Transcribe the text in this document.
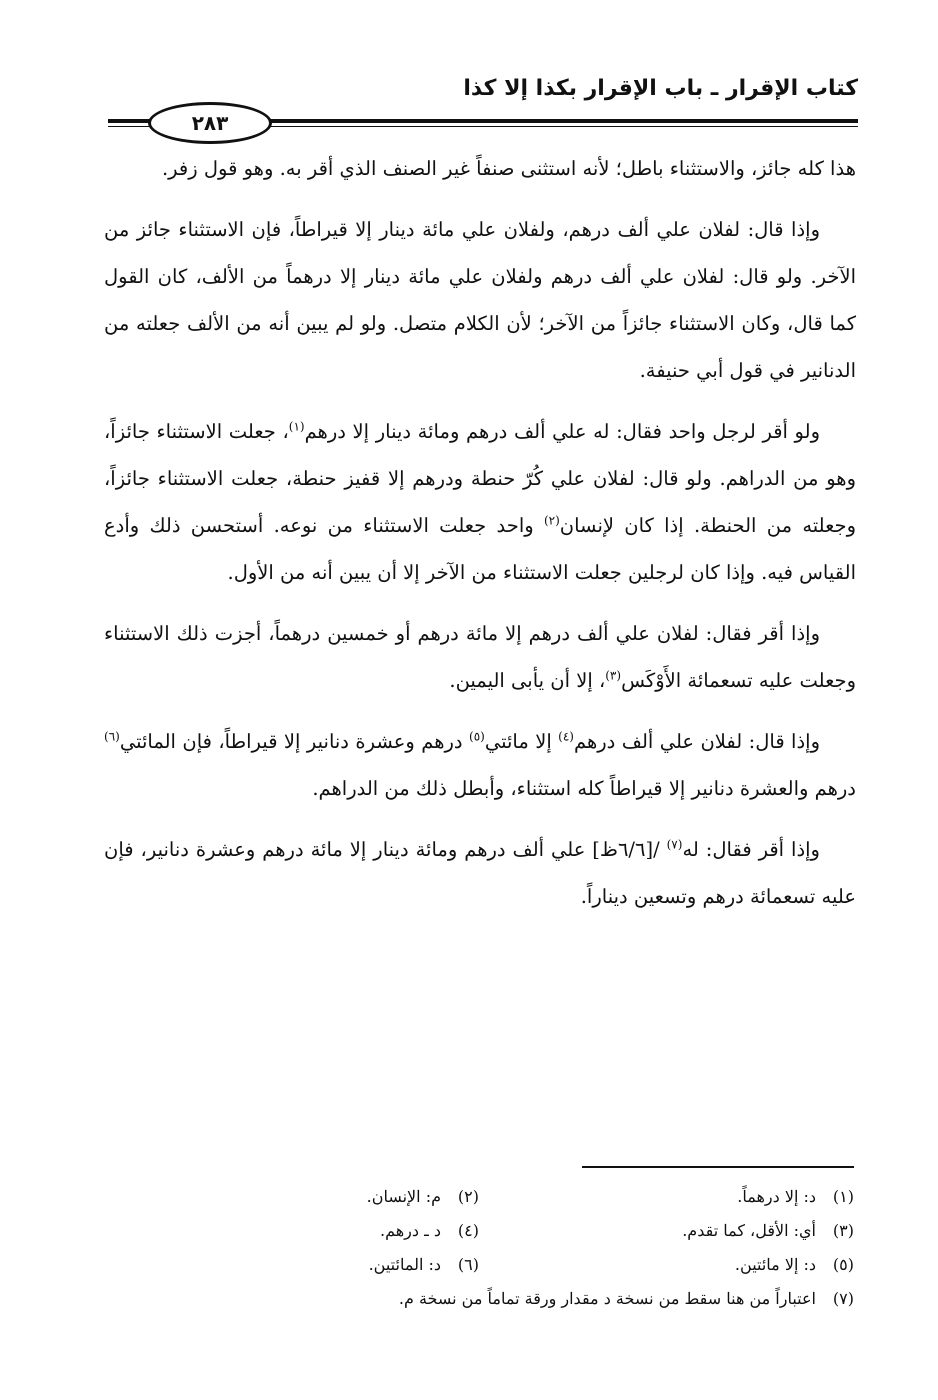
كتاب الإقرار ـ باب الإقرار بكذا إلا كذا
٢٨٣

هذا كله جائز، والاستثناء باطل؛ لأنه استثنى صنفاً غير الصنف الذي أقر به. وهو قول زفر.

وإذا قال: لفلان علي ألف درهم، ولفلان علي مائة دينار إلا قيراطاً، فإن الاستثناء جائز من الآخر. ولو قال: لفلان علي ألف درهم ولفلان علي مائة دينار إلا درهماً من الألف، كان القول كما قال، وكان الاستثناء جائزاً من الآخر؛ لأن الكلام متصل. ولو لم يبين أنه من الألف جعلته من الدنانير في قول أبي حنيفة.

ولو أقر لرجل واحد فقال: له علي ألف درهم ومائة دينار إلا درهم$^{(١)}$، جعلت الاستثناء جائزاً، وهو من الدراهم. ولو قال: لفلان علي كُرّ حنطة ودرهم إلا قفيز حنطة، جعلت الاستثناء جائزاً، وجعلته من الحنطة. إذا كان لإنسان$^{(٢)}$ واحد جعلت الاستثناء من نوعه. أستحسن ذلك وأدع القياس فيه. وإذا كان لرجلين جعلت الاستثناء من الآخر إلا أن يبين أنه من الأول.

وإذا أقر فقال: لفلان علي ألف درهم إلا مائة درهم أو خمسين درهماً، أجزت ذلك الاستثناء وجعلت عليه تسعمائة الأَوْكَس$^{(٣)}$، إلا أن يأبى اليمين.

وإذا قال: لفلان علي ألف درهم$^{(٤)}$ إلا مائتي$^{(٥)}$ درهم وعشرة دنانير إلا قيراطاً، فإن المائتي$^{(٦)}$ درهم والعشرة دنانير إلا قيراطاً كله استثناء، وأبطل ذلك من الدراهم.

وإذا أقر فقال: له$^{(٧)}$ /[٦/٦ظ] علي ألف درهم ومائة دينار إلا مائة درهم وعشرة دنانير، فإن عليه تسعمائة درهم وتسعين ديناراً.

(١)
د: إلا درهماً.
(٢)
م: الإنسان.
(٣)
أي: الأقل، كما تقدم.
(٤)
د ـ درهم.
(٥)
د: إلا مائتين.
(٦)
د: المائتين.
(٧)
اعتباراً من هنا سقط من نسخة د مقدار ورقة تماماً من نسخة م.
